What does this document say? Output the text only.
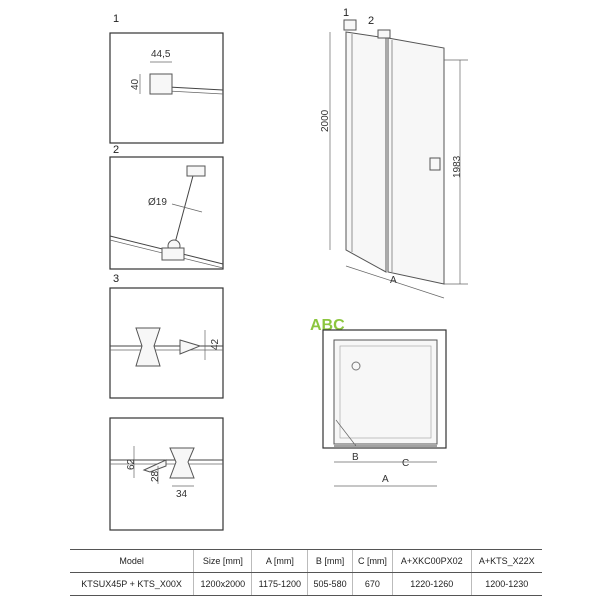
1
44,5
40
2
Ø19
3
42
62
28
34
1
2
2000
1983
A
ABC
B
C
A
Model	Size [mm]	A [mm]	B [mm]	C [mm]	A+XKC00PX02	A+KTS_X22X
KTSUX45P + KTS_X00X	1200x2000	1175-1200	505-580	670	1220-1260	1200-1230
